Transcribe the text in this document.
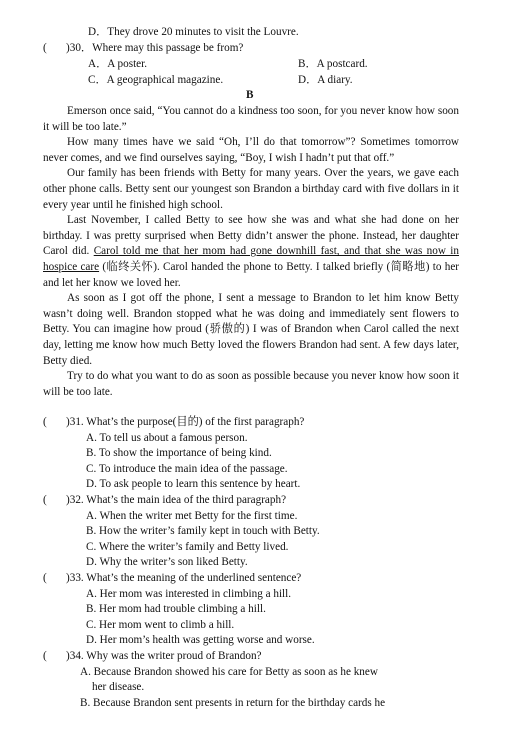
D．They drove 20 minutes to visit the Louvre.
( )30．Where may this passage be from?
A．A poster.	B．A postcard.
C．A geographical magazine.	D．A diary.
B

Emerson once said, “You cannot do a kindness too soon, for you never know how soon it will be too late.”

How many times have we said “Oh, I’ll do that tomorrow”? Sometimes tomorrow never comes, and we find ourselves saying, “Boy, I wish I hadn’t put that off.”

Our family has been friends with Betty for many years. Over the years, we gave each other phone calls. Betty sent our youngest son Brandon a birthday card with five dollars in it every year until he finished high school.

Last November, I called Betty to see how she was and what she had done on her birthday. I was pretty surprised when Betty didn’t answer the phone. Instead, her daughter Carol did. Carol told me that her mom had gone downhill fast, and that she was now in hospice care (临终关怀). Carol handed the phone to Betty. I talked briefly (简略地) to her and let her know we loved her.

As soon as I got off the phone, I sent a message to Brandon to let him know Betty wasn’t doing well. Brandon stopped what he was doing and immediately sent flowers to Betty. You can imagine how proud (骄傲的) I was of Brandon when Carol called the next day, letting me know how much Betty loved the flowers Brandon had sent. A few days later, Betty died.

Try to do what you want to do as soon as possible because you never know how soon it will be too late.

( )31. What’s the purpose(目的) of the first paragraph?
A. To tell us about a famous person.
B. To show the importance of being kind.
C. To introduce the main idea of the passage.
D. To ask people to learn this sentence by heart.
( )32. What’s the main idea of the third paragraph?
A. When the writer met Betty for the first time.
B. How the writer’s family kept in touch with Betty.
C. Where the writer’s family and Betty lived.
D. Why the writer’s son liked Betty.
( )33. What’s the meaning of the underlined sentence?
A. Her mom was interested in climbing a hill.
B. Her mom had trouble climbing a hill.
C. Her mom went to climb a hill.
D. Her mom’s health was getting worse and worse.
( )34. Why was the writer proud of Brandon?
A. Because Brandon showed his care for Betty as soon as he knew
her disease.
B. Because Brandon sent presents in return for the birthday cards he
